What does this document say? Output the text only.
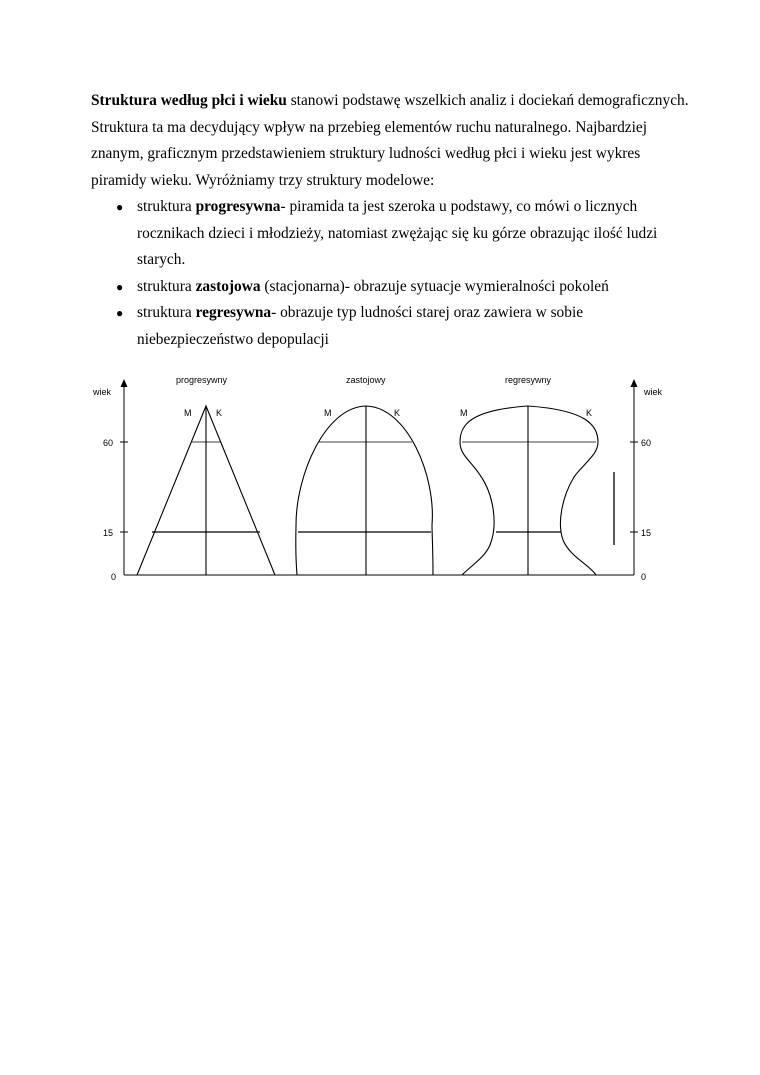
Struktura według płci i wieku stanowi podstawę wszelkich analiz i dociekań demograficznych. Struktura ta ma decydujący wpływ na przebieg elementów ruchu naturalnego. Najbardziej znanym, graficznym przedstawieniem struktury ludności według płci i wieku jest wykres piramidy wieku. Wyróżniamy trzy struktury modelowe:

● struktura progresywna- piramida ta jest szeroka u podstawy, co mówi o licznych rocznikach dzieci i młodzieży, natomiast zwężając się ku górze obrazując ilość ludzi starych.
● struktura zastojowa (stacjonarna)- obrazuje sytuacje wymieralności pokoleń
● struktura regresywna- obrazuje typ ludności starej oraz zawiera w sobie niebezpieczeństwo depopulacji
wiek
60
15
0
wiek
60
15
0
progresywny
M	K
zastojowy
M	K
regresywny
M	K
